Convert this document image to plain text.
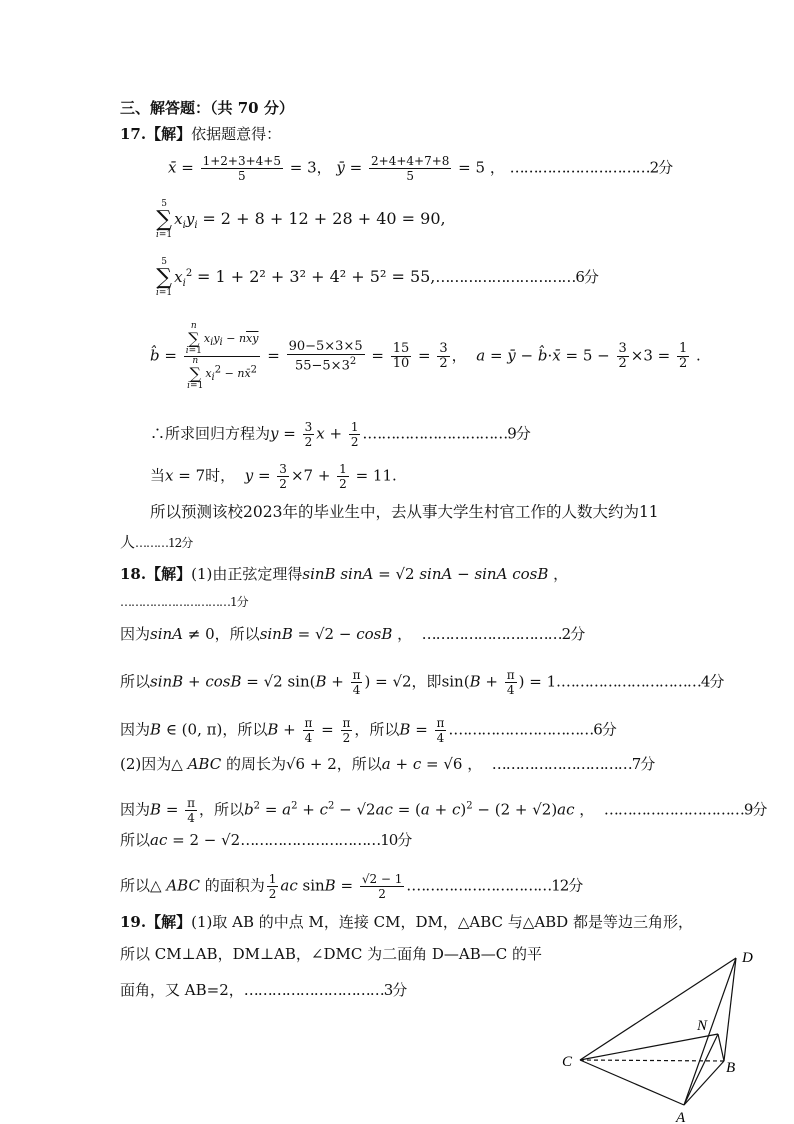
三、解答题：（共 70 分）
17.【解】依据题意得：
x̄ = $\frac{1+2+3+4+5}{5} = 3$， ȳ = $\frac{2+4+4+7+8}{5} = 5$ ， …………………………2分
5
∑
$i=1x_iy_i = 2 + 8 + 12 + 28 + 40 = 90$,
5
∑
$i=1x_i^2 = 1 + 2^2 + 3^2 + 4^2 + 5^2$ = 55,…………………………6分
b̂ = n
∑
$i=1x_iy_i - n\overline{xy}$
n
∑
$i=1x_i^2$ − nx̄$^2$ = $\frac{90-5\times 3\times 5}{55-5\times 3^2} = \frac{15}{10} = \frac{3}{2}$ ，  a = ȳ − b̂·x̄ = $5 - \frac{3}{2} \times 3 = \frac{1}{2}$ .
∴所求回归方程为$y = \frac{3}{2}$ $x + \frac{1}{2}$ .…………………………9分
当x = 7时， $y = \frac{3}{2} \times 7 + \frac{1}{2} = 11$.
所以预测该校2023年的毕业生中，去从事大学生村官工作的人数大约为11
人………12分
18.【解】(1)由正弦定理得sinB sinA = √2 sinA − sinA cosB ，
…………………………1分
因为sinA ≠ 0，所以sinB = √2 − cosB ，  …………………………2分
所以sinB + cosB = √2 $\sin(B + \frac{\pi}{4}$ ) = √2，即$\sin(B + \frac{\pi}{4}$ ) = 1.…………………………4分
因为B ∈ (0, π)，所以$B + \frac{\pi}{4} = \frac{\pi}{2}$ ，所以$B = \frac{\pi}{4}$ .…………………………6分
(2)因为△ ABC 的周长为√6 + 2，所以a + c = √6 ，  …………………………7分
因为$B = \frac{\pi}{4}$ ，所以$b^2 = a^2 + c^2 - √2ac = (a + c)^2 - (2 + √2)ac$ ，  …………………………9分
所以ac = 2 − √2…………………………10分
所以△ ABC 的面积为 $\frac{1}{2}$ ac $\sin B = \frac{√2 - 1}{2}$ .…………………………12分
19.【解】(1)取 AB 的中点 M，连接 CM，DM，△ABC 与△ABD 都是等边三角形，
所以 CM⊥AB，DM⊥AB，∠DMC 为二面角 D—AB—C 的平
面角，又 AB=2，…………………………3分
D
N
C	B
A
